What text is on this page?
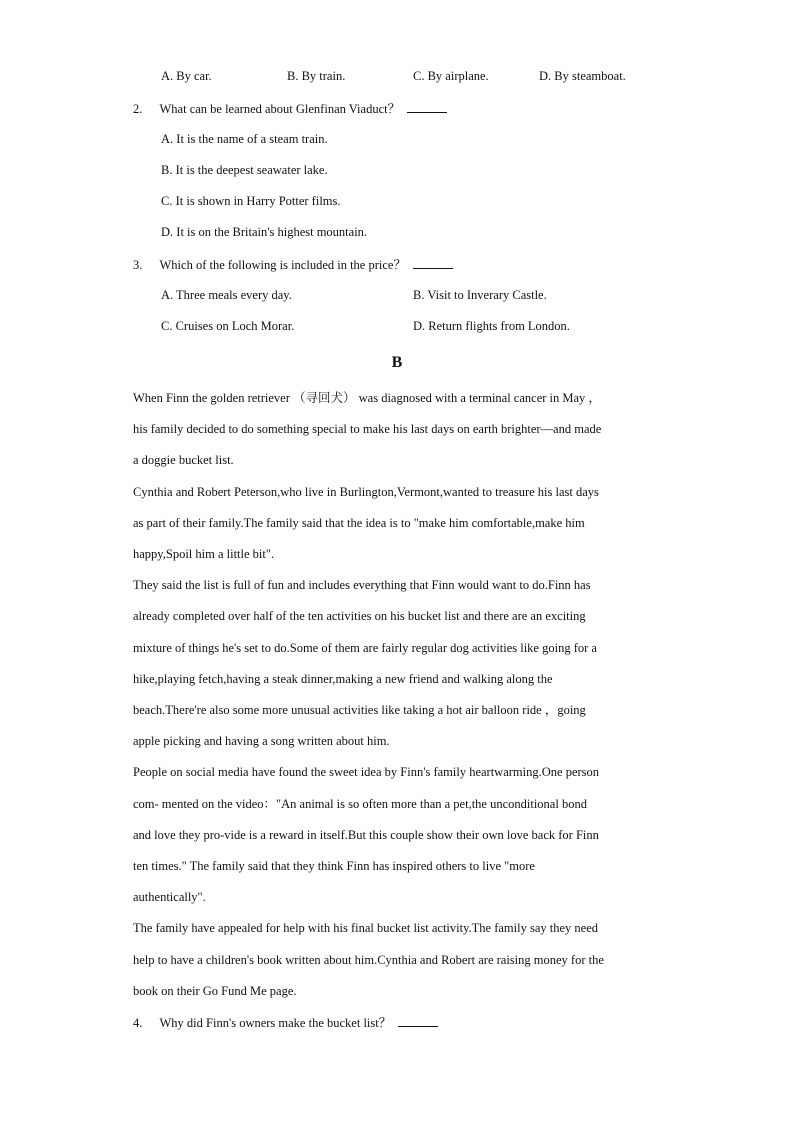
A. By car.	B. By train.	C. By airplane.	D. By steamboat.
2. What can be learned about Glenfinan Viaduct？
A. It is the name of a steam train.
B. It is the deepest seawater lake.
C. It is shown in Harry Potter films.
D. It is on the Britain's highest mountain.
3. Which of the following is included in the price？
A. Three meals every day.	B. Visit to Inverary Castle.
C. Cruises on Loch Morar.	D. Return flights from London.
B
When Finn the golden retriever （寻回犬） was diagnosed with a terminal cancer in May ，
his family decided to do something special to make his last days on earth brighter—and made
a doggie bucket list.
Cynthia and Robert Peterson,who live in Burlington,Vermont,wanted to treasure his last days
as part of their family.The family said that the idea is to "make him comfortable,make him
happy,Spoil him a little bit".
They said the list is full of fun and includes everything that Finn would want to do.Finn has
already completed over half of the ten activities on his bucket list and there are an exciting
mixture of things he's set to do.Some of them are fairly regular dog activities like going for a
hike,playing fetch,having a steak dinner,making a new friend and walking along the
beach.There're also some more unusual activities like taking a hot air balloon ride ，going
apple picking and having a song written about him.
People on social media have found the sweet idea by Finn's family heartwarming.One person
com- mented on the video："An animal is so often more than a pet,the unconditional bond
and love they pro-vide is a reward in itself.But this couple show their own love back for Finn
ten times." The family said that they think Finn has inspired others to live "more
authentically".
The family have appealed for help with his final bucket list activity.The family say they need
help to have a children's book written about him.Cynthia and Robert are raising money for the
book on their Go Fund Me page.
4. Why did Finn's owners make the bucket list？
